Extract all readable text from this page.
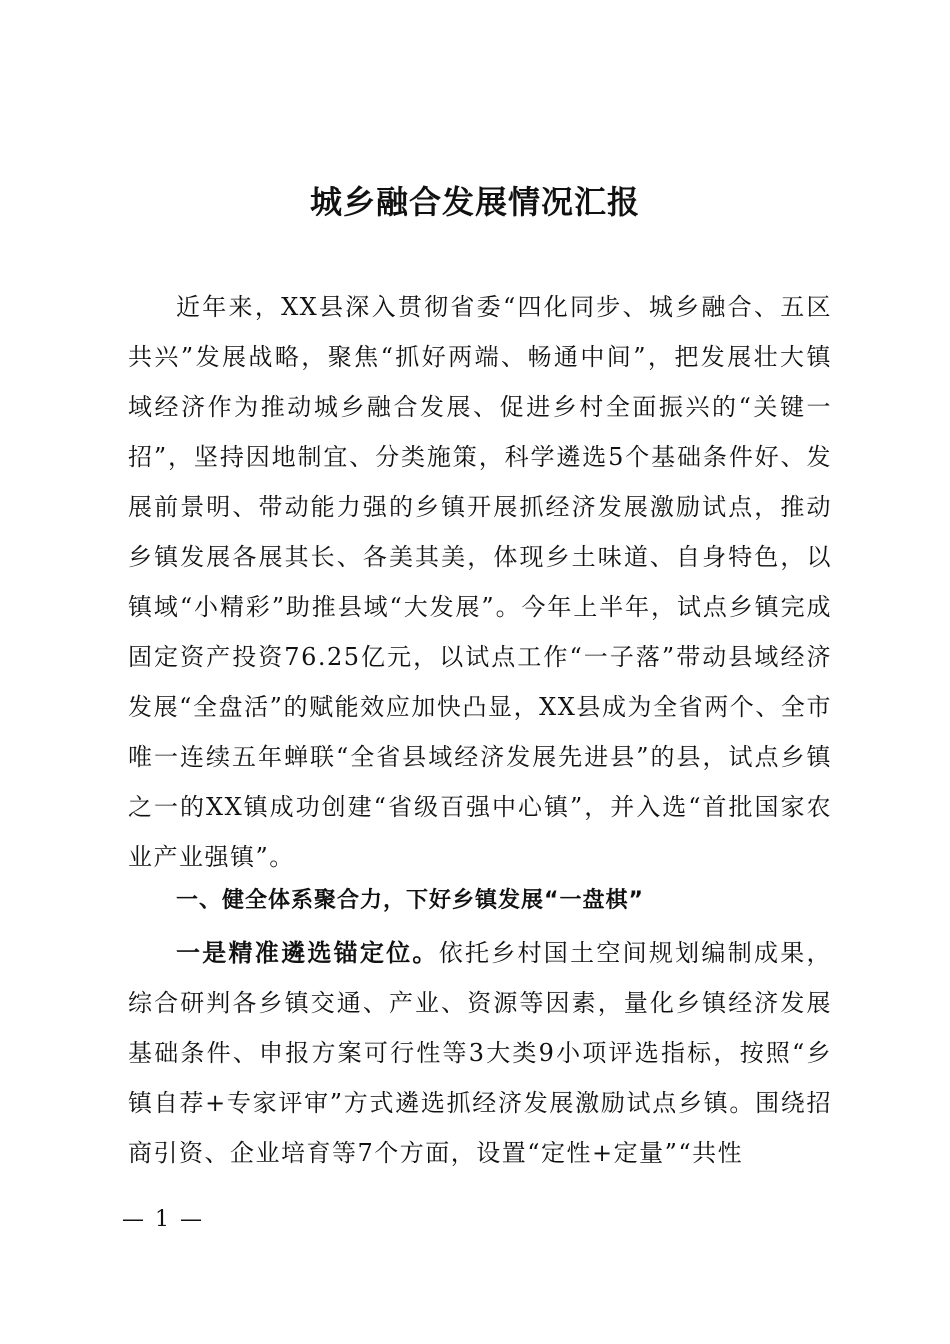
城乡融合发展情况汇报

近年来，XX县深入贯彻省委“四化同步、城乡融合、五区共兴”发展战略，聚焦“抓好两端、畅通中间”，把发展壮大镇域经济作为推动城乡融合发展、促进乡村全面振兴的“关键一招”，坚持因地制宜、分类施策，科学遴选5个基础条件好、发展前景明、带动能力强的乡镇开展抓经济发展激励试点，推动乡镇发展各展其长、各美其美，体现乡土味道、自身特色，以镇域“小精彩”助推县域“大发展”。今年上半年，试点乡镇完成固定资产投资76.25亿元，以试点工作“一子落”带动县域经济发展“全盘活”的赋能效应加快凸显，XX县成为全省两个、全市唯一连续五年蝉联“全省县域经济发展先进县”的县，试点乡镇之一的XX镇成功创建“省级百强中心镇”，并入选“首批国家农业产业强镇”。

一、健全体系聚合力，下好乡镇发展“一盘棋”

一是精准遴选锚定位。依托乡村国土空间规划编制成果，综合研判各乡镇交通、产业、资源等因素，量化乡镇经济发展基础条件、申报方案可行性等3大类9小项评选指标，按照“乡镇自荐+专家评审”方式遴选抓经济发展激励试点乡镇。围绕招商引资、企业培育等7个方面，设置“定性+定量”“共性

— 1 —
